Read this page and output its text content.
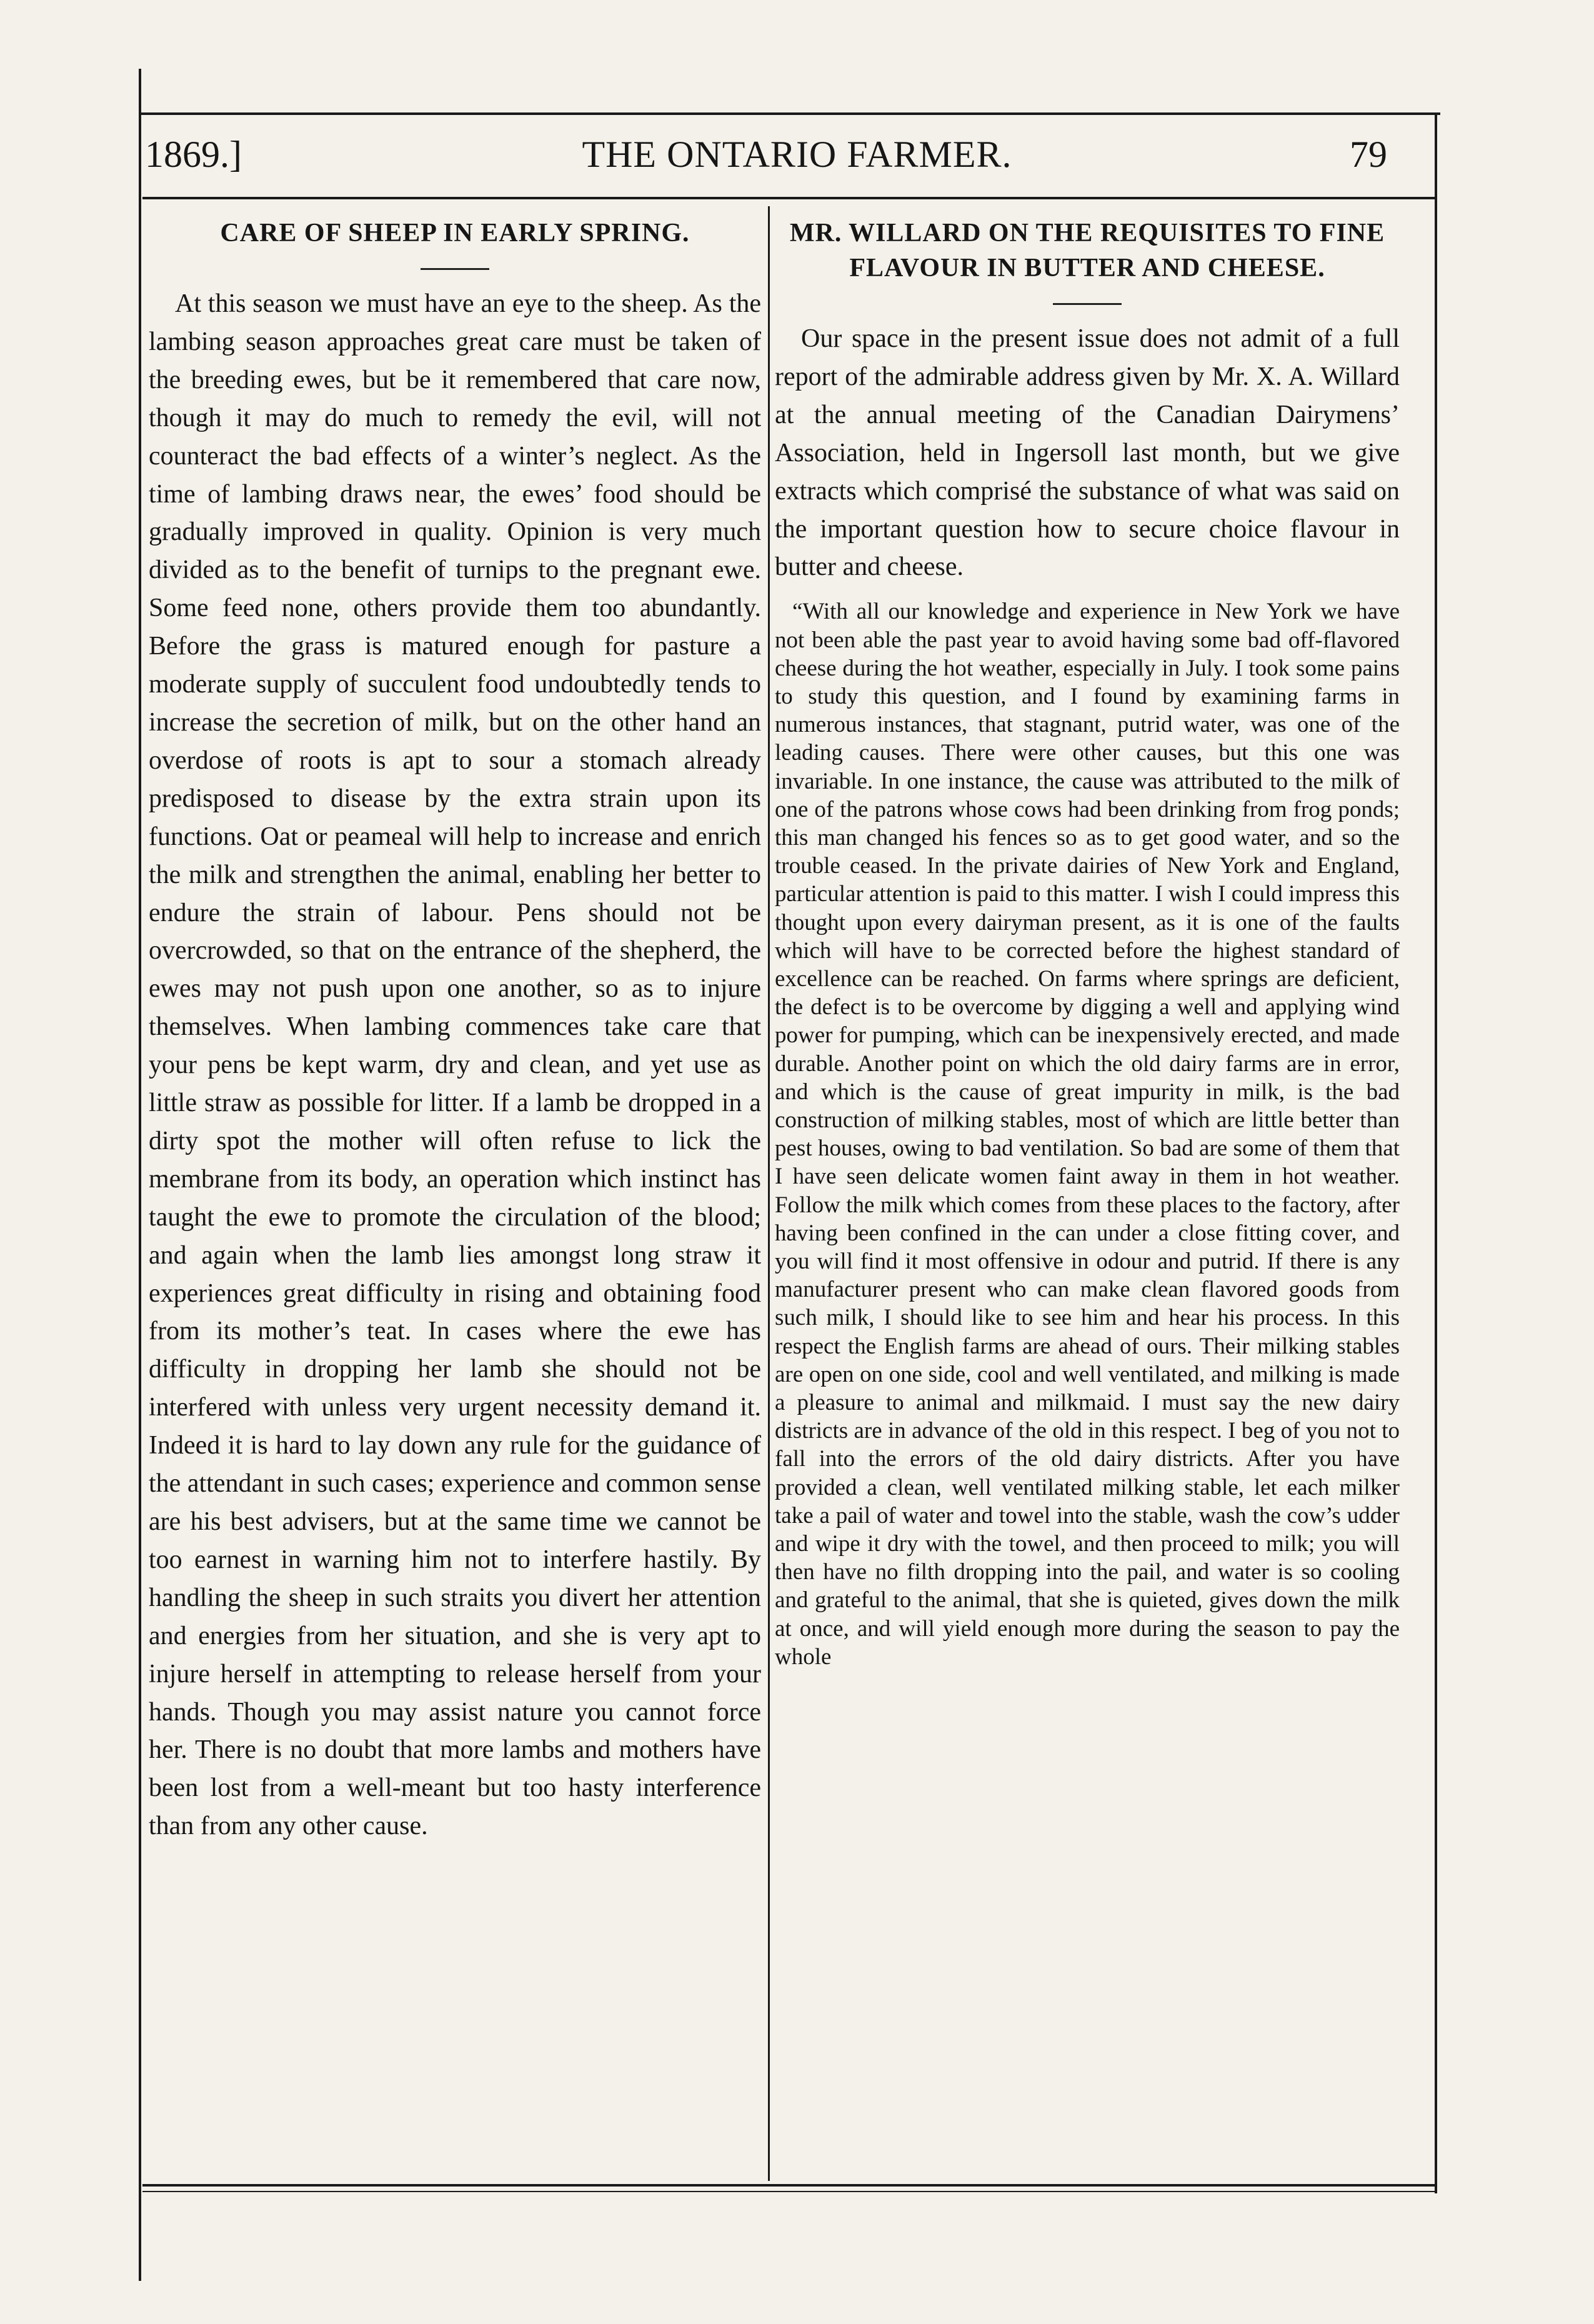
1869.]	THE ONTARIO FARMER.	79
CARE OF SHEEP IN EARLY SPRING.

At this season we must have an eye to the sheep. As the lambing season approaches great care must be taken of the breeding ewes, but be it remembered that care now, though it may do much to remedy the evil, will not counteract the bad effects of a winter’s neglect. As the time of lambing draws near, the ewes’ food should be gradually improved in quality. Opinion is very much divided as to the benefit of turnips to the pregnant ewe. Some feed none, others provide them too abundantly. Before the grass is matured enough for pasture a moderate supply of succulent food undoubtedly tends to increase the secretion of milk, but on the other hand an overdose of roots is apt to sour a stomach already predisposed to disease by the extra strain upon its functions. Oat or peameal will help to increase and enrich the milk and strengthen the animal, enabling her better to endure the strain of labour. Pens should not be overcrowded, so that on the entrance of the shepherd, the ewes may not push upon one another, so as to injure themselves. When lambing commences take care that your pens be kept warm, dry and clean, and yet use as little straw as possible for litter. If a lamb be dropped in a dirty spot the mother will often refuse to lick the membrane from its body, an operation which instinct has taught the ewe to promote the circulation of the blood; and again when the lamb lies amongst long straw it experiences great difficulty in rising and obtaining food from its mother’s teat. In cases where the ewe has difficulty in dropping her lamb she should not be interfered with unless very urgent necessity demand it. Indeed it is hard to lay down any rule for the guidance of the attendant in such cases; experience and common sense are his best advisers, but at the same time we cannot be too earnest in warning him not to interfere hastily. By handling the sheep in such straits you divert her attention and energies from her situation, and she is very apt to injure herself in attempting to release herself from your hands. Though you may assist nature you cannot force her. There is no doubt that more lambs and mothers have been lost from a well-meant but too hasty interference than from any other cause.

MR. WILLARD ON THE REQUISITES TO FINE FLAVOUR IN BUTTER AND CHEESE.

Our space in the present issue does not admit of a full report of the admirable address given by Mr. X. A. Willard at the annual meeting of the Canadian Dairymens’ Association, held in Ingersoll last month, but we give extracts which comprisé the substance of what was said on the important question how to secure choice flavour in butter and cheese.

“With all our knowledge and experience in New York we have not been able the past year to avoid having some bad off-flavored cheese during the hot weather, especially in July. I took some pains to study this question, and I found by examining farms in numerous instances, that stagnant, putrid water, was one of the leading causes. There were other causes, but this one was invariable. In one instance, the cause was attributed to the milk of one of the patrons whose cows had been drinking from frog ponds; this man changed his fences so as to get good water, and so the trouble ceased. In the private dairies of New York and England, particular attention is paid to this matter. I wish I could impress this thought upon every dairyman present, as it is one of the faults which will have to be corrected before the highest standard of excellence can be reached. On farms where springs are deficient, the defect is to be overcome by digging a well and applying wind power for pumping, which can be inexpensively erected, and made durable. Another point on which the old dairy farms are in error, and which is the cause of great impurity in milk, is the bad construction of milking stables, most of which are little better than pest houses, owing to bad ventilation. So bad are some of them that I have seen delicate women faint away in them in hot weather. Follow the milk which comes from these places to the factory, after having been confined in the can under a close fitting cover, and you will find it most offensive in odour and putrid. If there is any manufacturer present who can make clean flavored goods from such milk, I should like to see him and hear his process. In this respect the English farms are ahead of ours. Their milking stables are open on one side, cool and well ventilated, and milking is made a pleasure to animal and milkmaid. I must say the new dairy districts are in advance of the old in this respect. I beg of you not to fall into the errors of the old dairy districts. After you have provided a clean, well ventilated milking stable, let each milker take a pail of water and towel into the stable, wash the cow’s udder and wipe it dry with the towel, and then proceed to milk; you will then have no filth dropping into the pail, and water is so cooling and grateful to the animal, that she is quieted, gives down the milk at once, and will yield enough more during the season to pay the whole
